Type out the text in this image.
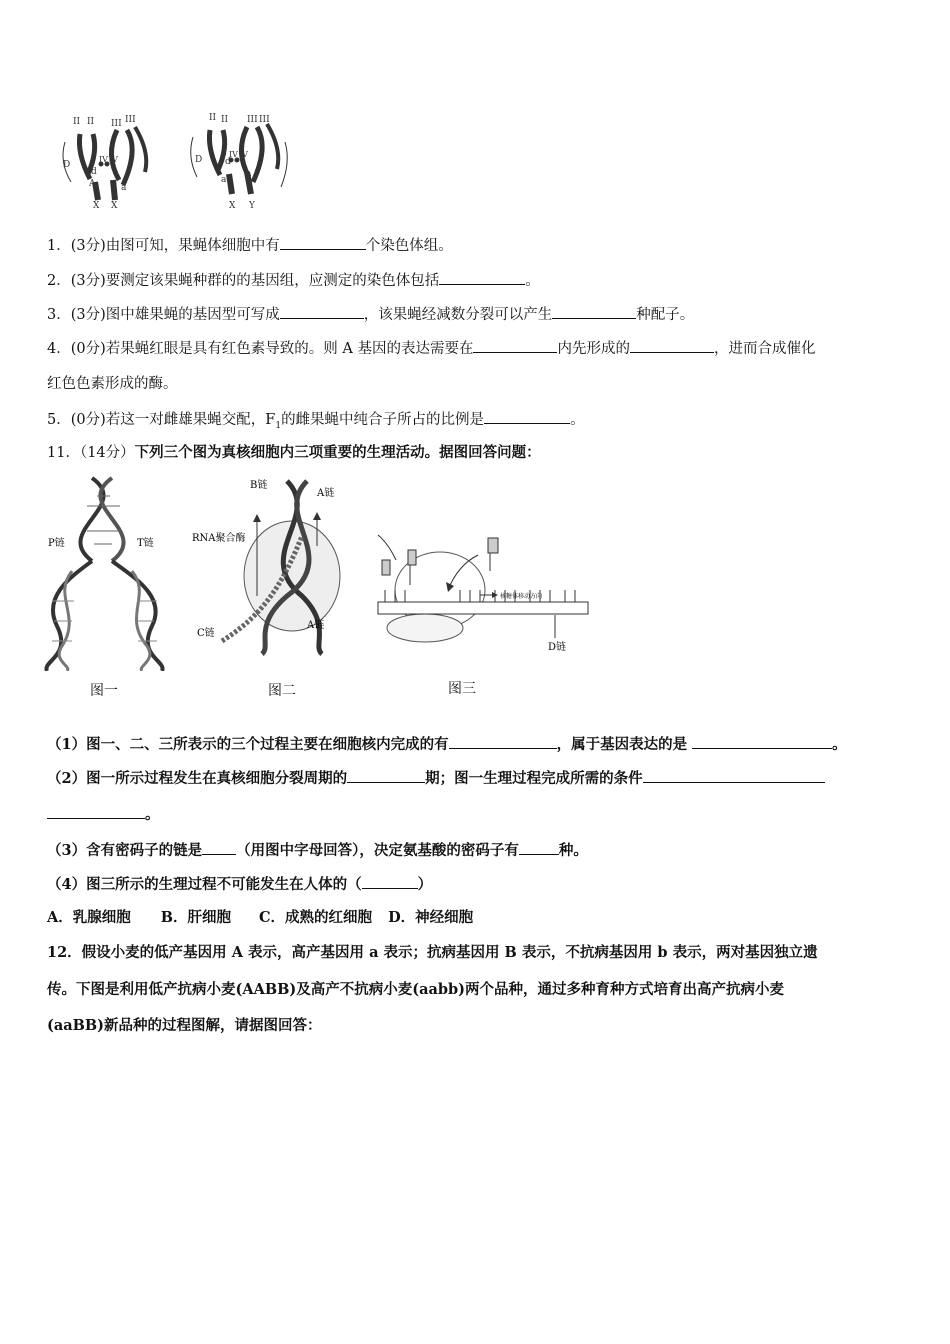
II II III III
D
d
IV IV
A	a
X X
II II III III
D	d
IV IV
a
X Y
1．(3分)由图可知，果蝇体细胞中有	个染色体组。
2．(3分)要测定该果蝇种群的的基因组，应测定的染色体包括	。
3．(3分)图中雄果蝇的基因型可写成	，该果蝇经减数分裂可以产生	种配子。
4．(0分)若果蝇红眼是具有红色素导致的。则 A 基因的表达需要在	内先形成的	，进而合成催化
红色色素形成的酶。
5．(0分)若这一对雌雄果蝇交配，$F_1$的雌果蝇中纯合子所占的比例是	。
11．（14分）下列三个图为真核细胞内三项重要的生理活动。据图回答问题：
P链	T链
图一
B链
A链
RNA聚合酶
C链
A链
图二
核糖体移动方向
D链
图三
（1）图一、二、三所表示的三个过程主要在细胞核内完成的有	，属于基因表达的是	。
（2）图一所示过程发生在真核细胞分裂周期的	期；图一生理过程完成所需的条件
。
（3）含有密码子的链是 （用图中字母回答），决定氨基酸的密码子有	种。
（4）图三所示的生理过程不可能发生在人体的（	）
A．乳腺细胞 B．肝细胞 C．成熟的红细胞 D．神经细胞
12．假设小麦的低产基因用 A 表示，高产基因用 a 表示；抗病基因用 B 表示，不抗病基因用 b 表示，两对基因独立遗
传。下图是利用低产抗病小麦(AABB)及高产不抗病小麦(aabb)两个品种，通过多种育种方式培育出高产抗病小麦
(aaBB)新品种的过程图解，请据图回答：
